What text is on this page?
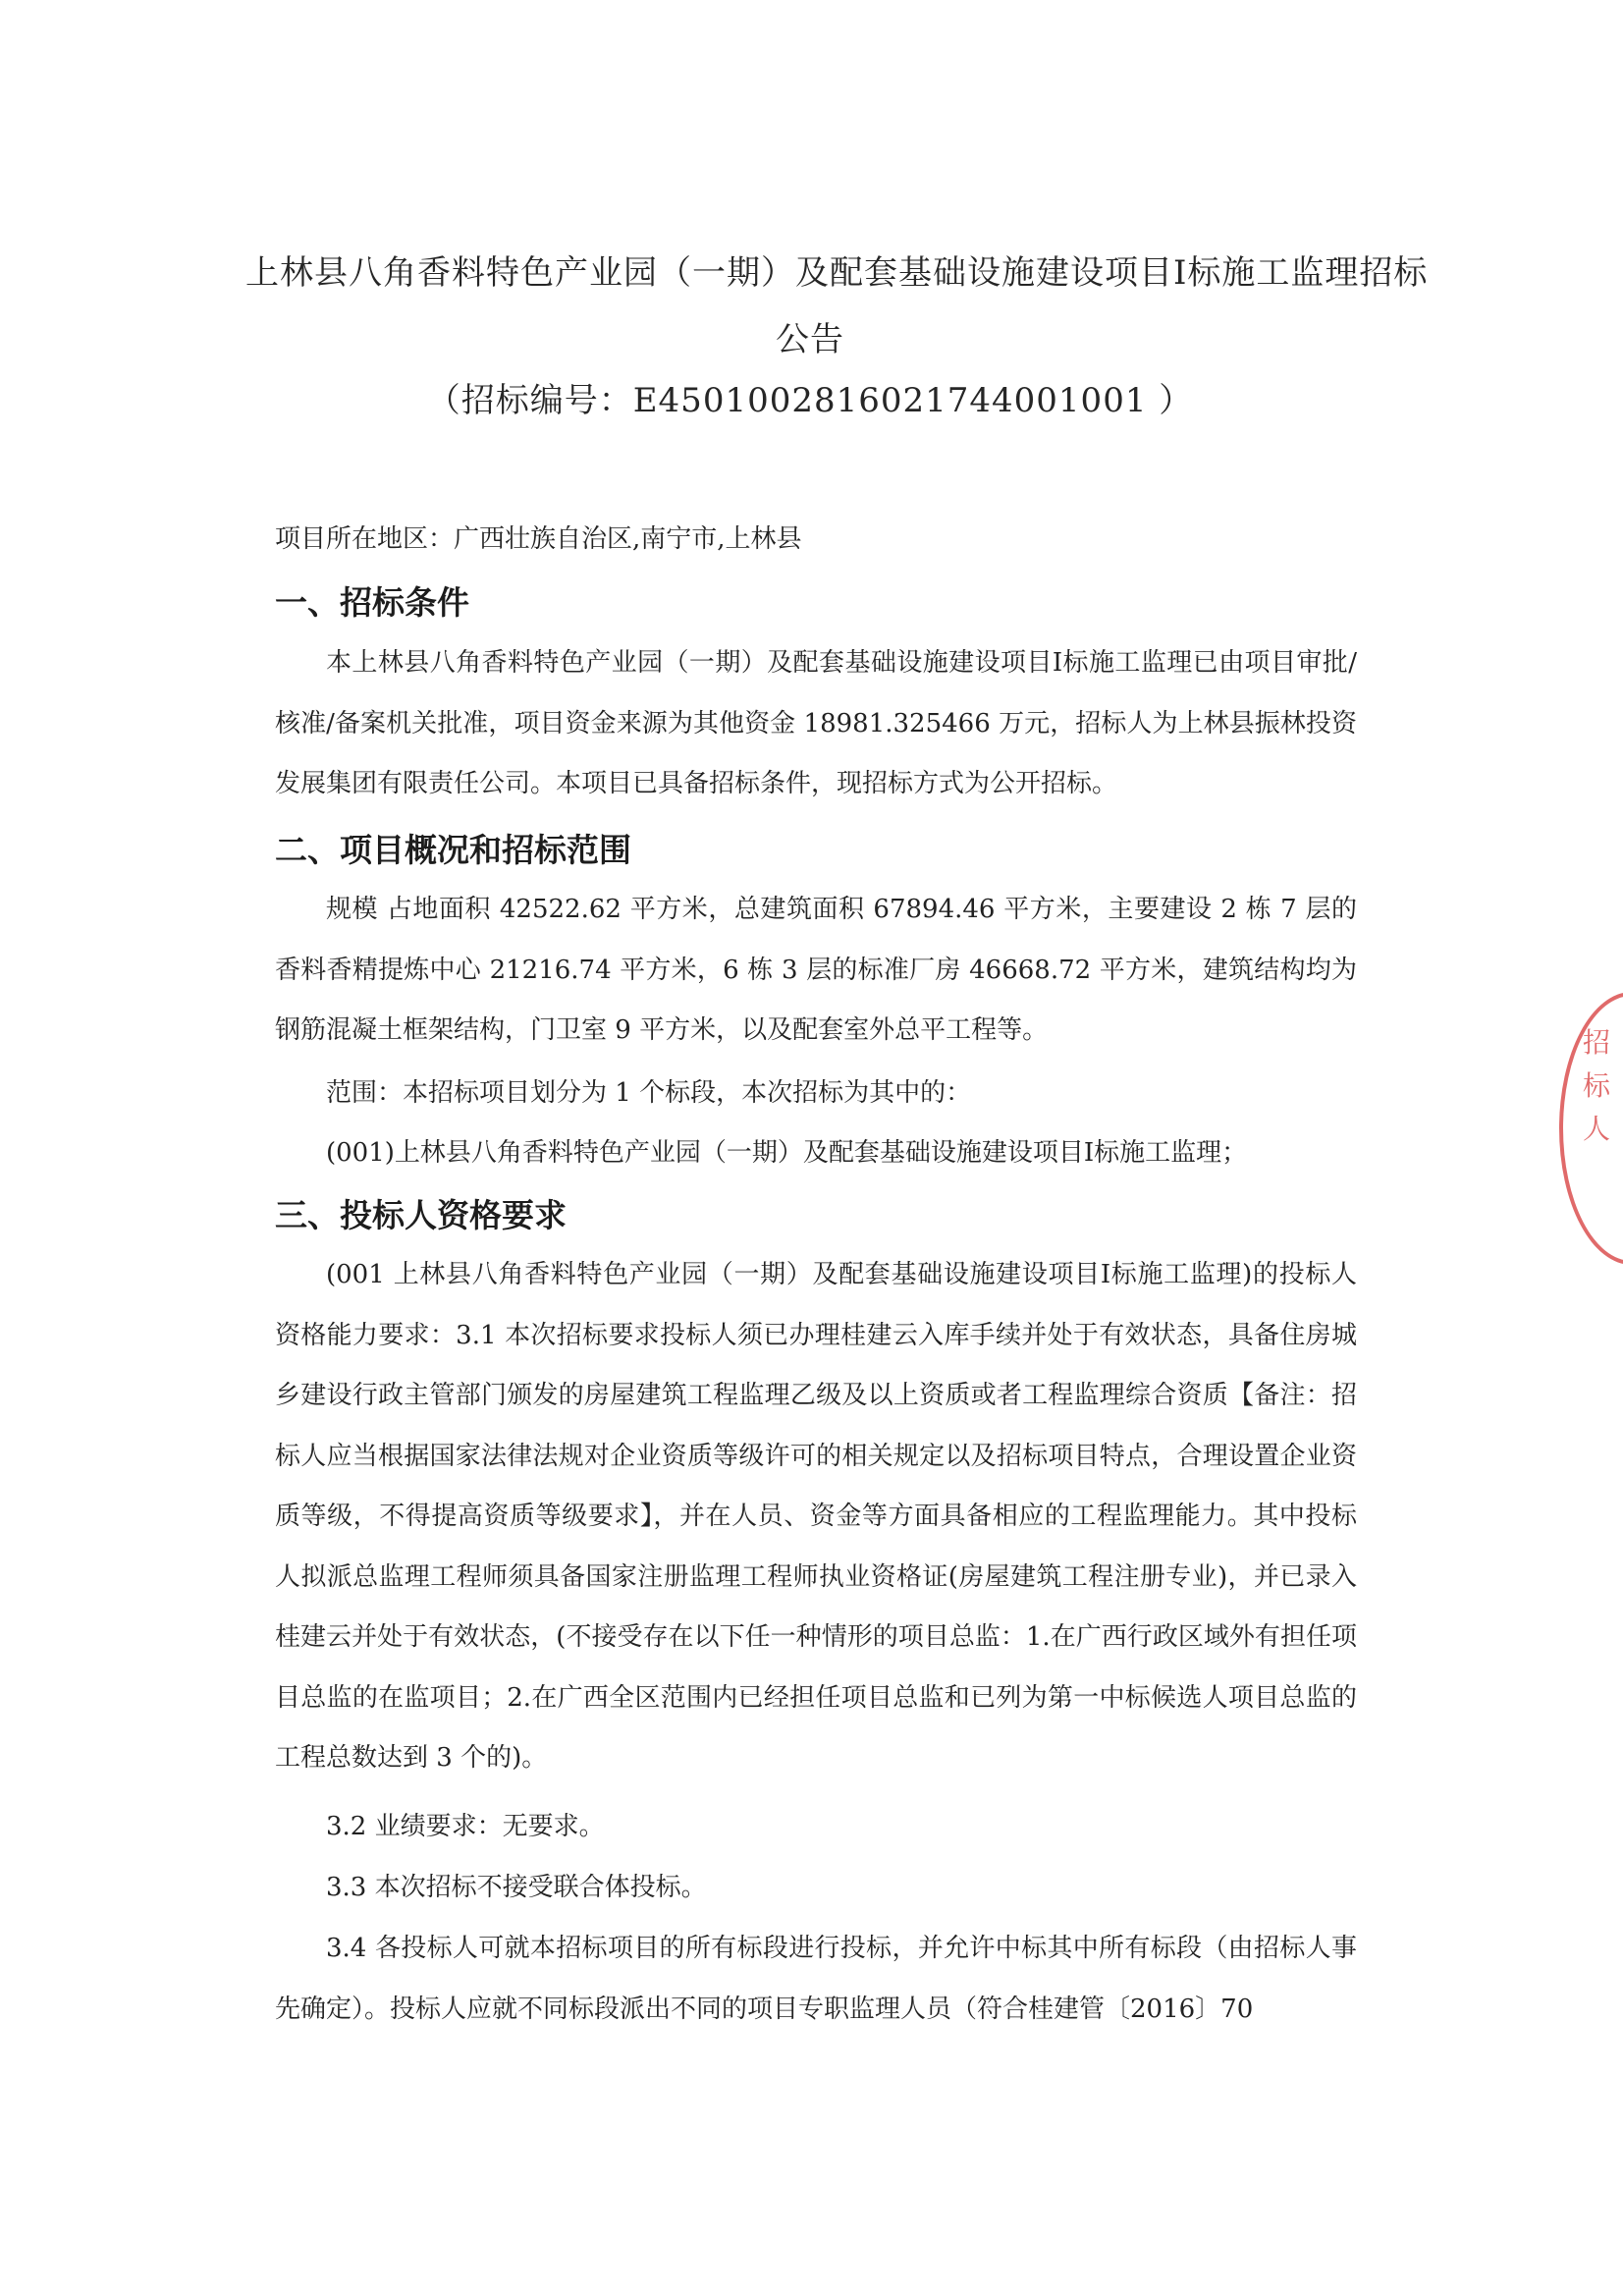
上林县八角香料特色产业园（一期）及配套基础设施建设项目Ⅰ标施工监理招标
公告
（招标编号：E4501002816021744001001 ）
项目所在地区：广西壮族自治区,南宁市,上林县
一、招标条件
本上林县八角香料特色产业园（一期）及配套基础设施建设项目Ⅰ标施工监理已由项目审批/核准/备案机关批准，项目资金来源为其他资金 18981.325466 万元，招标人为上林县振林投资发展集团有限责任公司。本项目已具备招标条件，现招标方式为公开招标。
二、项目概况和招标范围
规模 占地面积 42522.62 平方米，总建筑面积 67894.46 平方米，主要建设 2 栋 7 层的香料香精提炼中心 21216.74 平方米，6 栋 3 层的标准厂房 46668.72 平方米，建筑结构均为钢筋混凝土框架结构，门卫室 9 平方米，以及配套室外总平工程等。
范围：本招标项目划分为 1 个标段，本次招标为其中的：
(001)上林县八角香料特色产业园（一期）及配套基础设施建设项目Ⅰ标施工监理；
三、投标人资格要求
(001 上林县八角香料特色产业园（一期）及配套基础设施建设项目Ⅰ标施工监理)的投标人资格能力要求：3.1 本次招标要求投标人须已办理桂建云入库手续并处于有效状态，具备住房城乡建设行政主管部门颁发的房屋建筑工程监理乙级及以上资质或者工程监理综合资质【备注：招标人应当根据国家法律法规对企业资质等级许可的相关规定以及招标项目特点，合理设置企业资质等级，不得提高资质等级要求】，并在人员、资金等方面具备相应的工程监理能力。其中投标人拟派总监理工程师须具备国家注册监理工程师执业资格证(房屋建筑工程注册专业)，并已录入桂建云并处于有效状态，(不接受存在以下任一种情形的项目总监：1.在广西行政区域外有担任项目总监的在监项目；2.在广西全区范围内已经担任项目总监和已列为第一中标候选人项目总监的工程总数达到 3 个的)。
3.2 业绩要求：无要求。
3.3 本次招标不接受联合体投标。
3.4 各投标人可就本招标项目的所有标段进行投标，并允许中标其中所有标段（由招标人事先确定）。投标人应就不同标段派出不同的项目专职监理人员（符合桂建管〔2016〕70
招 标 人
